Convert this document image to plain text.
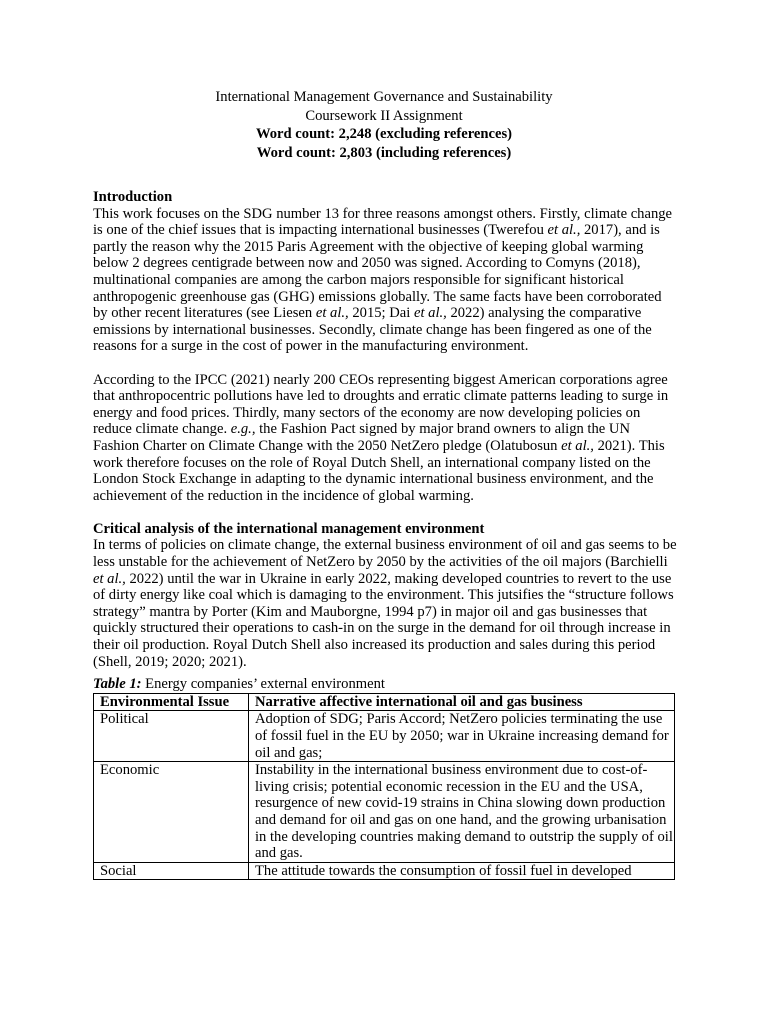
International Management Governance and Sustainability
Coursework II Assignment
Word count: 2,248 (excluding references)
Word count: 2,803 (including references)
Introduction

This work focuses on the SDG number 13 for three reasons amongst others. Firstly, climate change is one of the chief issues that is impacting international businesses (Twerefou et al., 2017), and is partly the reason why the 2015 Paris Agreement with the objective of keeping global warming below 2 degrees centigrade between now and 2050 was signed. According to Comyns (2018), multinational companies are among the carbon majors responsible for significant historical anthropogenic greenhouse gas (GHG) emissions globally. The same facts have been corroborated by other recent literatures (see Liesen et al., 2015; Dai et al., 2022) analysing the comparative emissions by international businesses. Secondly, climate change has been fingered as one of the reasons for a surge in the cost of power in the manufacturing environment.

According to the IPCC (2021) nearly 200 CEOs representing biggest American corporations agree that anthropocentric pollutions have led to droughts and erratic climate patterns leading to surge in energy and food prices. Thirdly, many sectors of the economy are now developing policies on reduce climate change. e.g., the Fashion Pact signed by major brand owners to align the UN Fashion Charter on Climate Change with the 2050 NetZero pledge (Olatubosun et al., 2021). This work therefore focuses on the role of Royal Dutch Shell, an international company listed on the London Stock Exchange in adapting to the dynamic international business environment, and the achievement of the reduction in the incidence of global warming.

Critical analysis of the international management environment

In terms of policies on climate change, the external business environment of oil and gas seems to be less unstable for the achievement of NetZero by 2050 by the activities of the oil majors (Barchielli et al., 2022) until the war in Ukraine in early 2022, making developed countries to revert to the use of dirty energy like coal which is damaging to the environment. This jutsifies the “structure follows strategy” mantra by Porter (Kim and Mauborgne, 1994 p7) in major oil and gas businesses that quickly structured their operations to cash-in on the surge in the demand for oil through increase in their oil production. Royal Dutch Shell also increased its production and sales during this period (Shell, 2019; 2020; 2021).

Table 1: Energy companies’ external environment
Environmental Issue	Narrative affective international oil and gas business
Political	Adoption of SDG; Paris Accord; NetZero policies terminating the use of fossil fuel in the EU by 2050; war in Ukraine increasing demand for oil and gas;
Economic	Instability in the international business environment due to cost-of-living crisis; potential economic recession in the EU and the USA, resurgence of new covid-19 strains in China slowing down production and demand for oil and gas on one hand, and the growing urbanisation in the developing countries making demand to outstrip the supply of oil and gas.
Social	The attitude towards the consumption of fossil fuel in developed
